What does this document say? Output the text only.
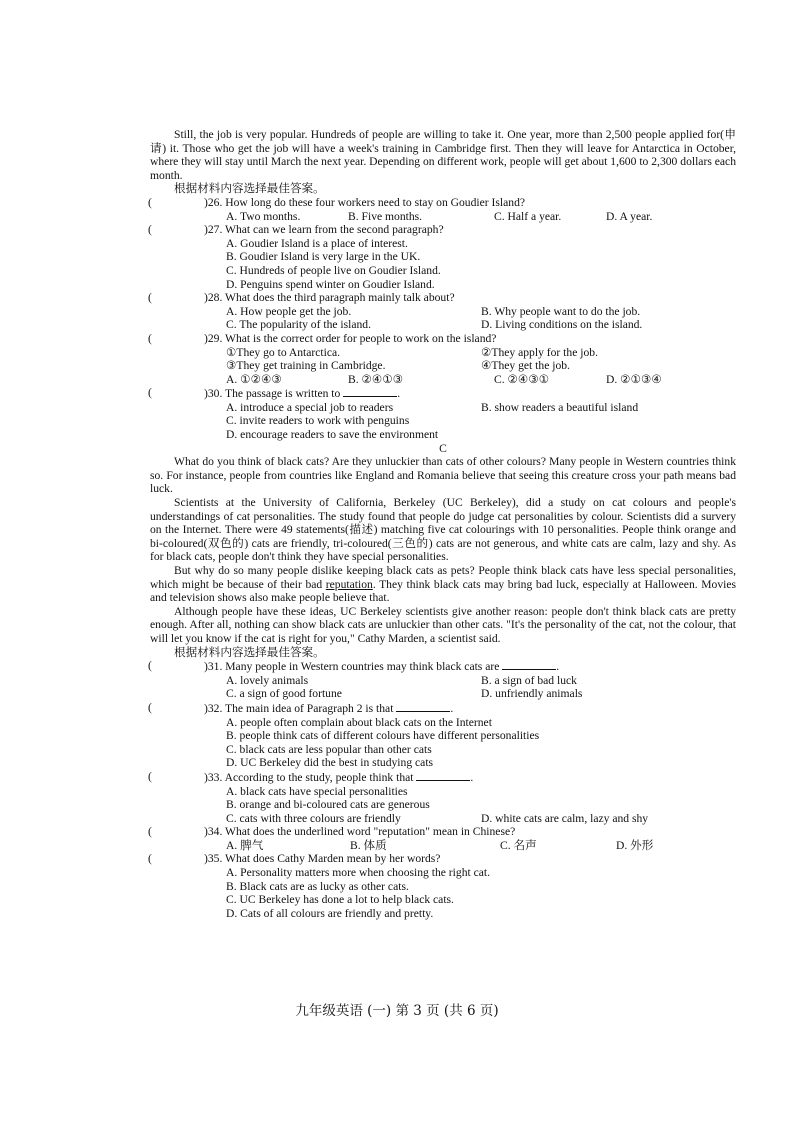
Still, the job is very popular. Hundreds of people are willing to take it. One year, more than 2,500 people applied for(申请) it. Those who get the job will have a week's training in Cambridge first. Then they will leave for Antarctica in October, where they will stay until March the next year. Depending on different work, people will get about 1,600 to 2,300 dollars each month.

根据材料内容选择最佳答案。

(	)26. How long do these four workers need to stay on Goudier Island?
A. Two months.	B. Five months.	C. Half a year.	D. A year.
(	)27. What can we learn from the second paragraph?
A. Goudier Island is a place of interest.
B. Goudier Island is very large in the UK.
C. Hundreds of people live on Goudier Island.
D. Penguins spend winter on Goudier Island.
(	)28. What does the third paragraph mainly talk about?
A. How people get the job.	B. Why people want to do the job.
C. The popularity of the island.	D. Living conditions on the island.
(	)29. What is the correct order for people to work on the island?
①They go to Antarctica.	②They apply for the job.
③They get training in Cambridge.	④They get the job.
A. ①②④③	B. ②④①③	C. ②④③①	D. ②①③④
(	)30. The passage is written to	.
A. introduce a special job to readers	B. show readers a beautiful island
C. invite readers to work with penguins
D. encourage readers to save the environment

C

What do you think of black cats? Are they unluckier than cats of other colours? Many people in Western countries think so. For instance, people from countries like England and Romania believe that seeing this creature cross your path means bad luck.

Scientists at the University of California, Berkeley (UC Berkeley), did a study on cat colours and people's understandings of cat personalities. The study found that people do judge cat personalities by colour. Scientists did a survery on the Internet. There were 49 statements(描述) matching five cat colourings with 10 personalities. People think orange and bi-coloured(双色的) cats are friendly, tri-coloured(三色的) cats are not generous, and white cats are calm, lazy and shy. As for black cats, people don't think they have special personalities.

But why do so many people dislike keeping black cats as pets? People think black cats have less special personalities, which might be because of their bad reputation. They think black cats may bring bad luck, especially at Halloween. Movies and television shows also make people believe that.

Although people have these ideas, UC Berkeley scientists give another reason: people don't think black cats are pretty enough. After all, nothing can show black cats are unluckier than other cats. "It's the personality of the cat, not the colour, that will let you know if the cat is right for you," Cathy Marden, a scientist said.

根据材料内容选择最佳答案。

(	)31. Many people in Western countries may think black cats are	.
A. lovely animals	B. a sign of bad luck
C. a sign of good fortune	D. unfriendly animals
(	)32. The main idea of Paragraph 2 is that	.
A. people often complain about black cats on the Internet
B. people think cats of different colours have different personalities
C. black cats are less popular than other cats
D. UC Berkeley did the best in studying cats
(	)33. According to the study, people think that	.
A. black cats have special personalities
B. orange and bi-coloured cats are generous
C. cats with three colours are friendly	D. white cats are calm, lazy and shy
(	)34. What does the underlined word "reputation" mean in Chinese?
A. 脾气	B. 体质	C. 名声	D. 外形
(	)35. What does Cathy Marden mean by her words?
A. Personality matters more when choosing the right cat.
B. Black cats are as lucky as other cats.
C. UC Berkeley has done a lot to help black cats.
D. Cats of all colours are friendly and pretty.
九年级英语 (一) 第 3 页 (共 6 页)
